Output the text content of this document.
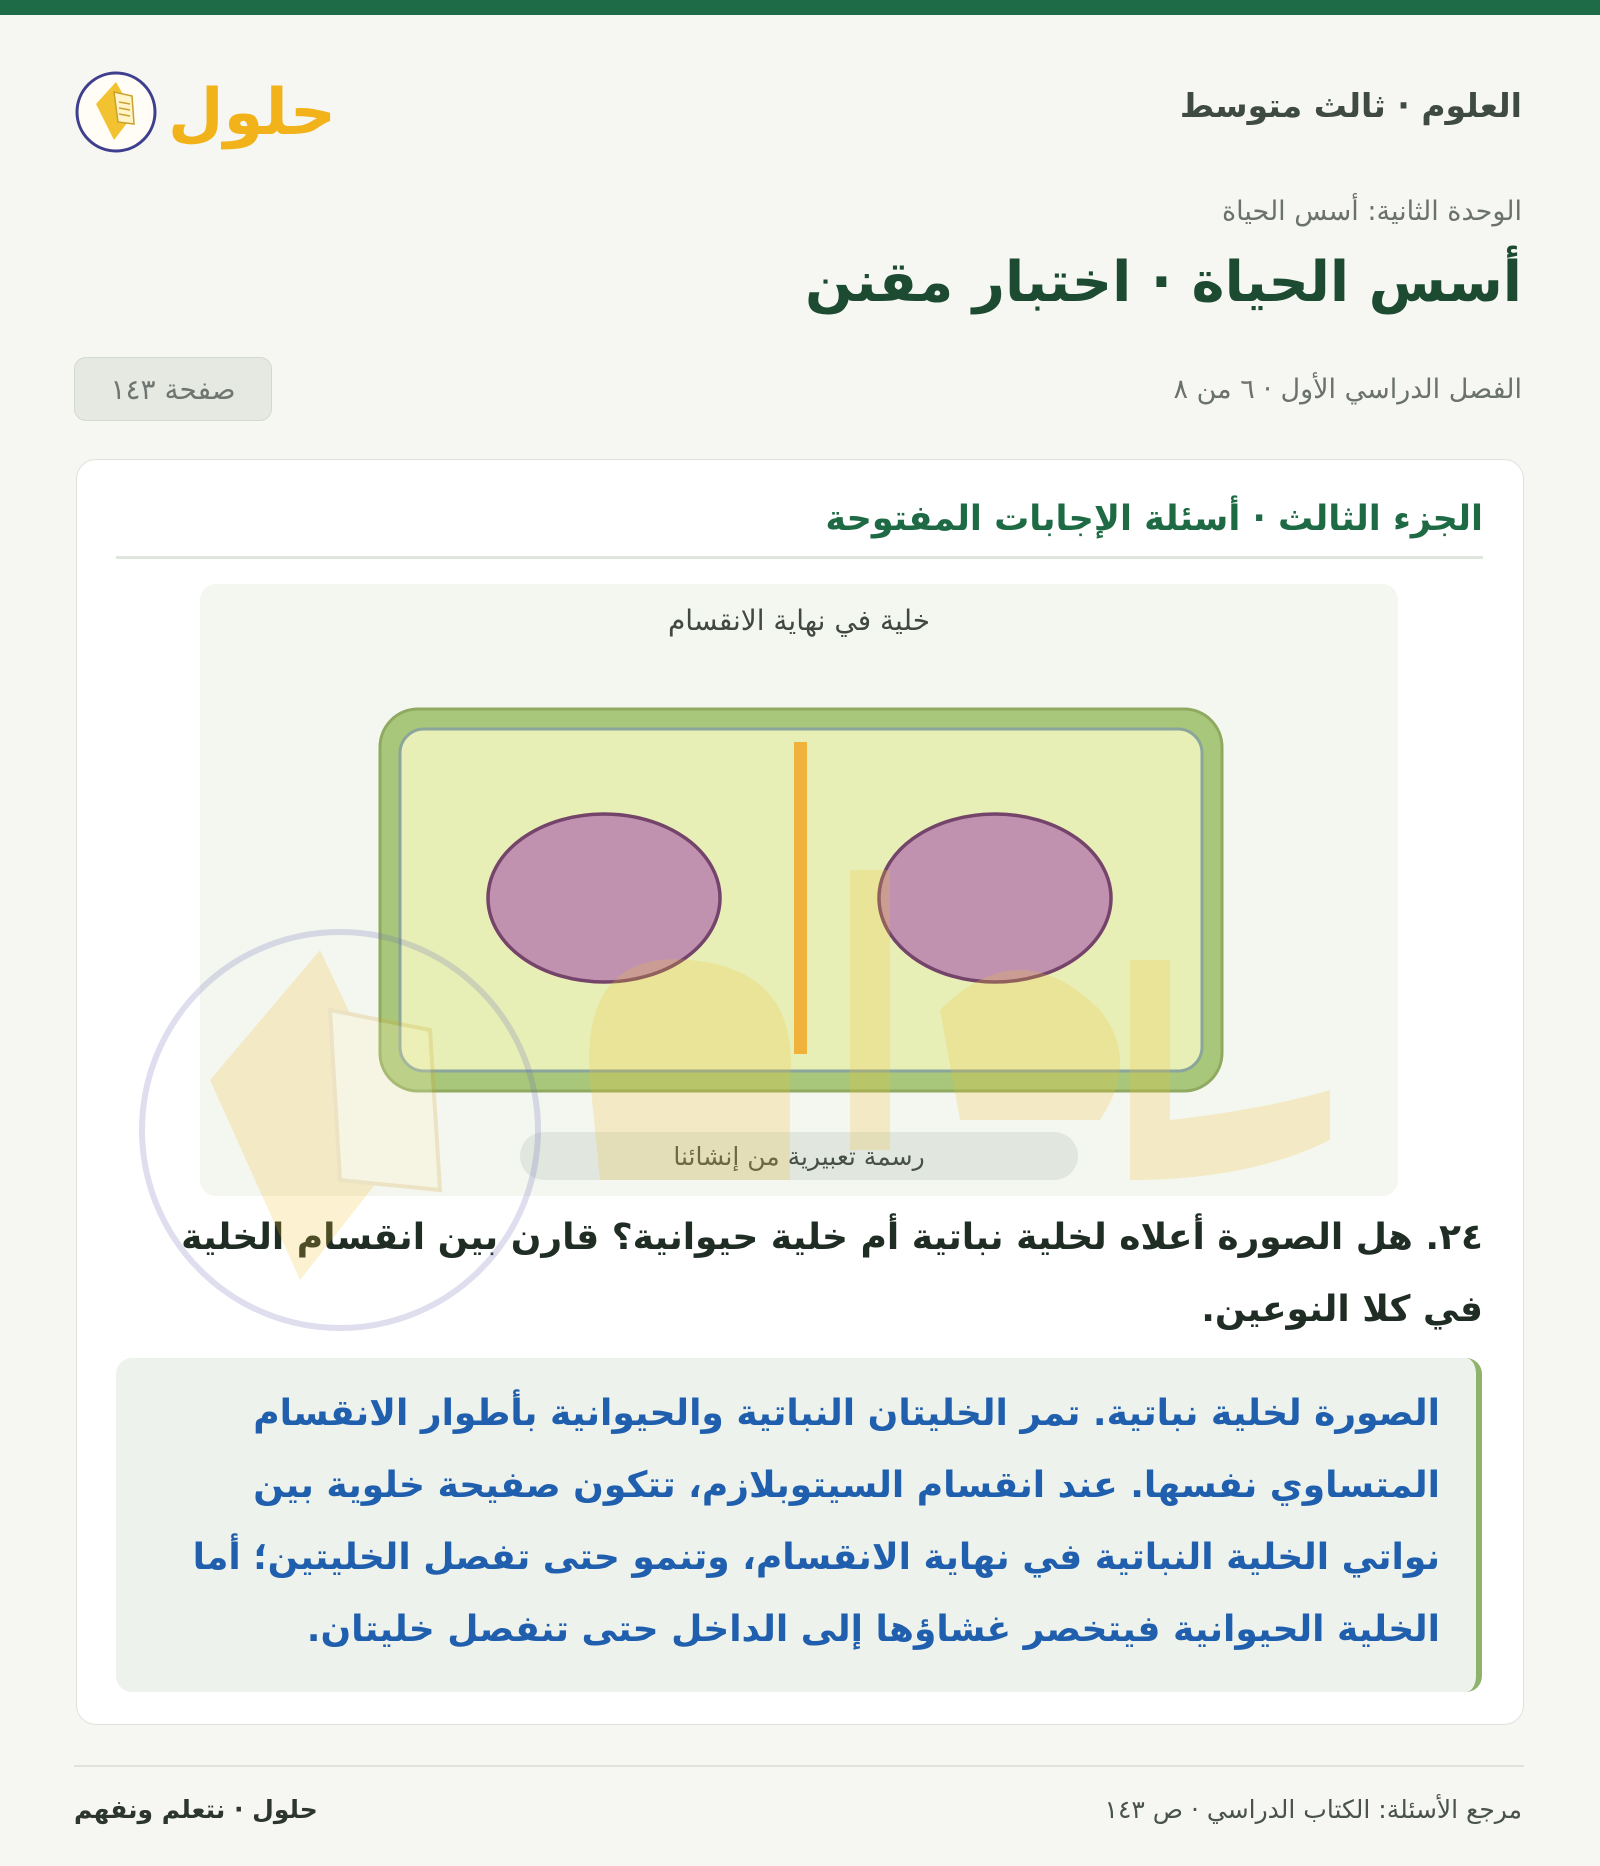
حلول	العلوم · ثالث متوسط
الوحدة الثانية: أسس الحياة
أسس الحياة · اختبار مقنن
الفصل الدراسي الأول · ٦ من ٨
صفحة ١٤٣
الجزء الثالث · أسئلة الإجابات المفتوحة
خلية في نهاية الانقسام
رسمة تعبيرية من إنشائنا
٢٤. هل الصورة أعلاه لخلية نباتية أم خلية حيوانية؟ قارن بين انقسام الخلية في كلا النوعين.
الصورة لخلية نباتية. تمر الخليتان النباتية والحيوانية بأطوار الانقسام المتساوي نفسها. عند انقسام السيتوبلازم، تتكون صفيحة خلوية بين نواتي الخلية النباتية في نهاية الانقسام، وتنمو حتى تفصل الخليتين؛ أما الخلية الحيوانية فيتخصر غشاؤها إلى الداخل حتى تنفصل خليتان.
مرجع الأسئلة: الكتاب الدراسي · ص ١٤٣
حلول · نتعلم ونفهم
